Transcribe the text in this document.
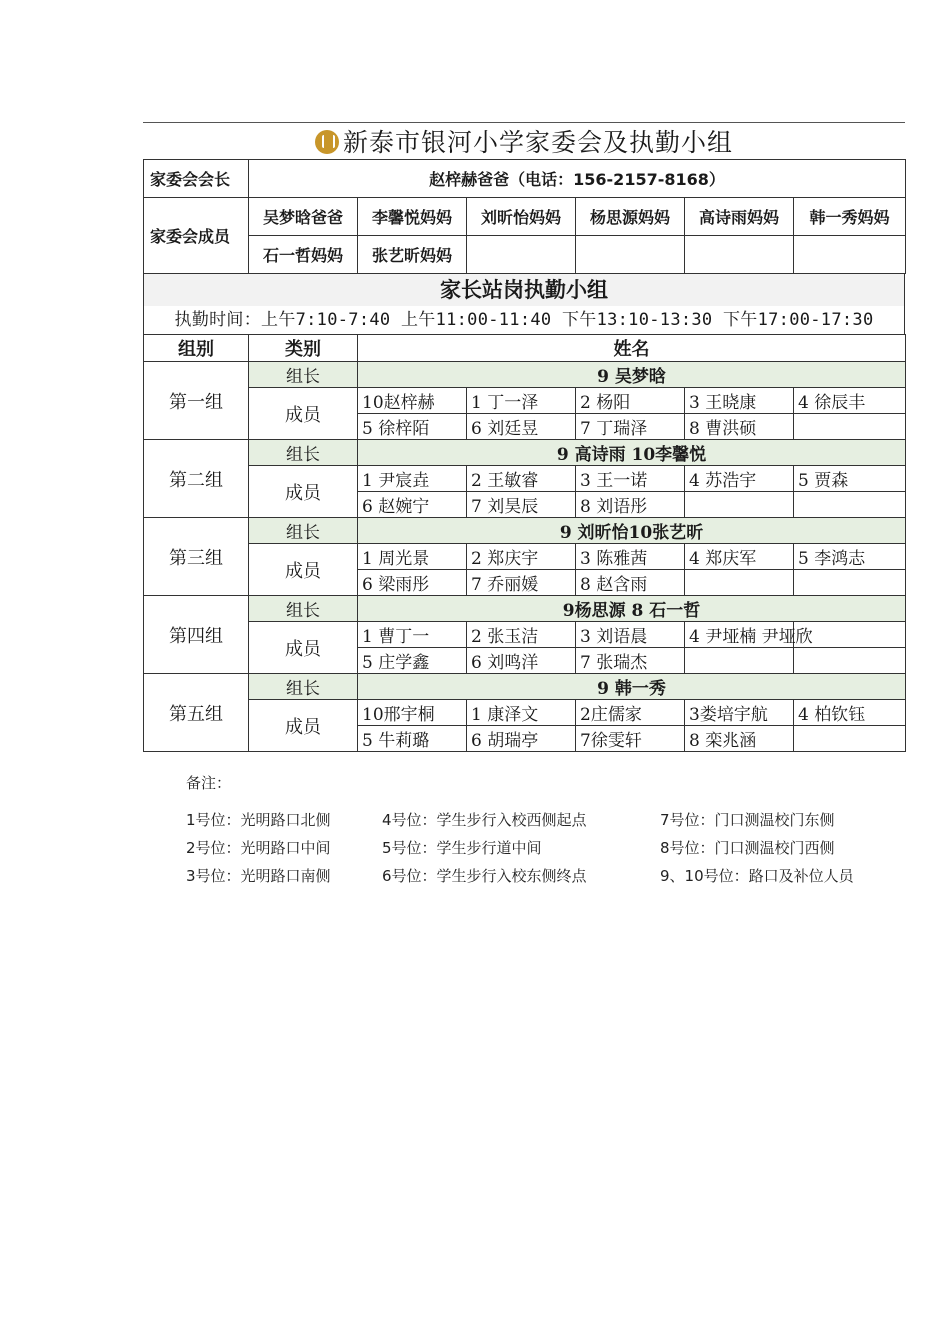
新泰市银河小学家委会及执勤小组
家委会会长	赵梓赫爸爸（电话：156-2157-8168）					
家委会成员	吴梦晗爸爸	李馨悦妈妈	刘昕怡妈妈	杨思源妈妈	高诗雨妈妈	韩一秀妈妈
	石一哲妈妈	张艺昕妈妈				
家长站岗执勤小组
执勤时间：上午7:10-7:40 上午11:00-11:40 下午13:10-13:30 下午17:00-17:30
组别	类别	姓名				
第一组	组长	9 吴梦晗				
	成员	10赵梓赫	1 丁一泽	2 杨阳	3 王晓康	4 徐辰丰
		5 徐梓陌	6 刘廷昱	7 丁瑞泽	8 曹洪硕	
第二组	组长	9 高诗雨 10李馨悦				
	成员	1 尹宸垚	2 王敏睿	3 王一诺	4 苏浩宇	5 贾森
		6 赵婉宁	7 刘昊辰	8 刘语彤		
第三组	组长	9 刘昕怡10张艺昕				
	成员	1 周光景	2 郑庆宇	3 陈雅茜	4 郑庆军	5 李鸿志
		6 梁雨彤	7 乔丽媛	8 赵含雨		
第四组	组长	9杨思源 8 石一哲				
	成员	1 曹丁一	2 张玉洁	3 刘语晨	4 尹垭楠 尹垭欣	
		5 庄学鑫	6 刘鸣洋	7 张瑞杰		
第五组	组长	9 韩一秀				
	成员	10邢宇桐	1 康泽文	2庄儒家	3娄培宇航	4 柏钦钰
		5 牛莉璐	6 胡瑞亭	7徐雯轩	8 栾兆涵	
备注：
1号位：光明路口北侧	4号位：学生步行入校西侧起点	7号位：门口测温校门东侧
2号位：光明路口中间	5号位：学生步行道中间	8号位：门口测温校门西侧
3号位：光明路口南侧	6号位：学生步行入校东侧终点	9、10号位：路口及补位人员
